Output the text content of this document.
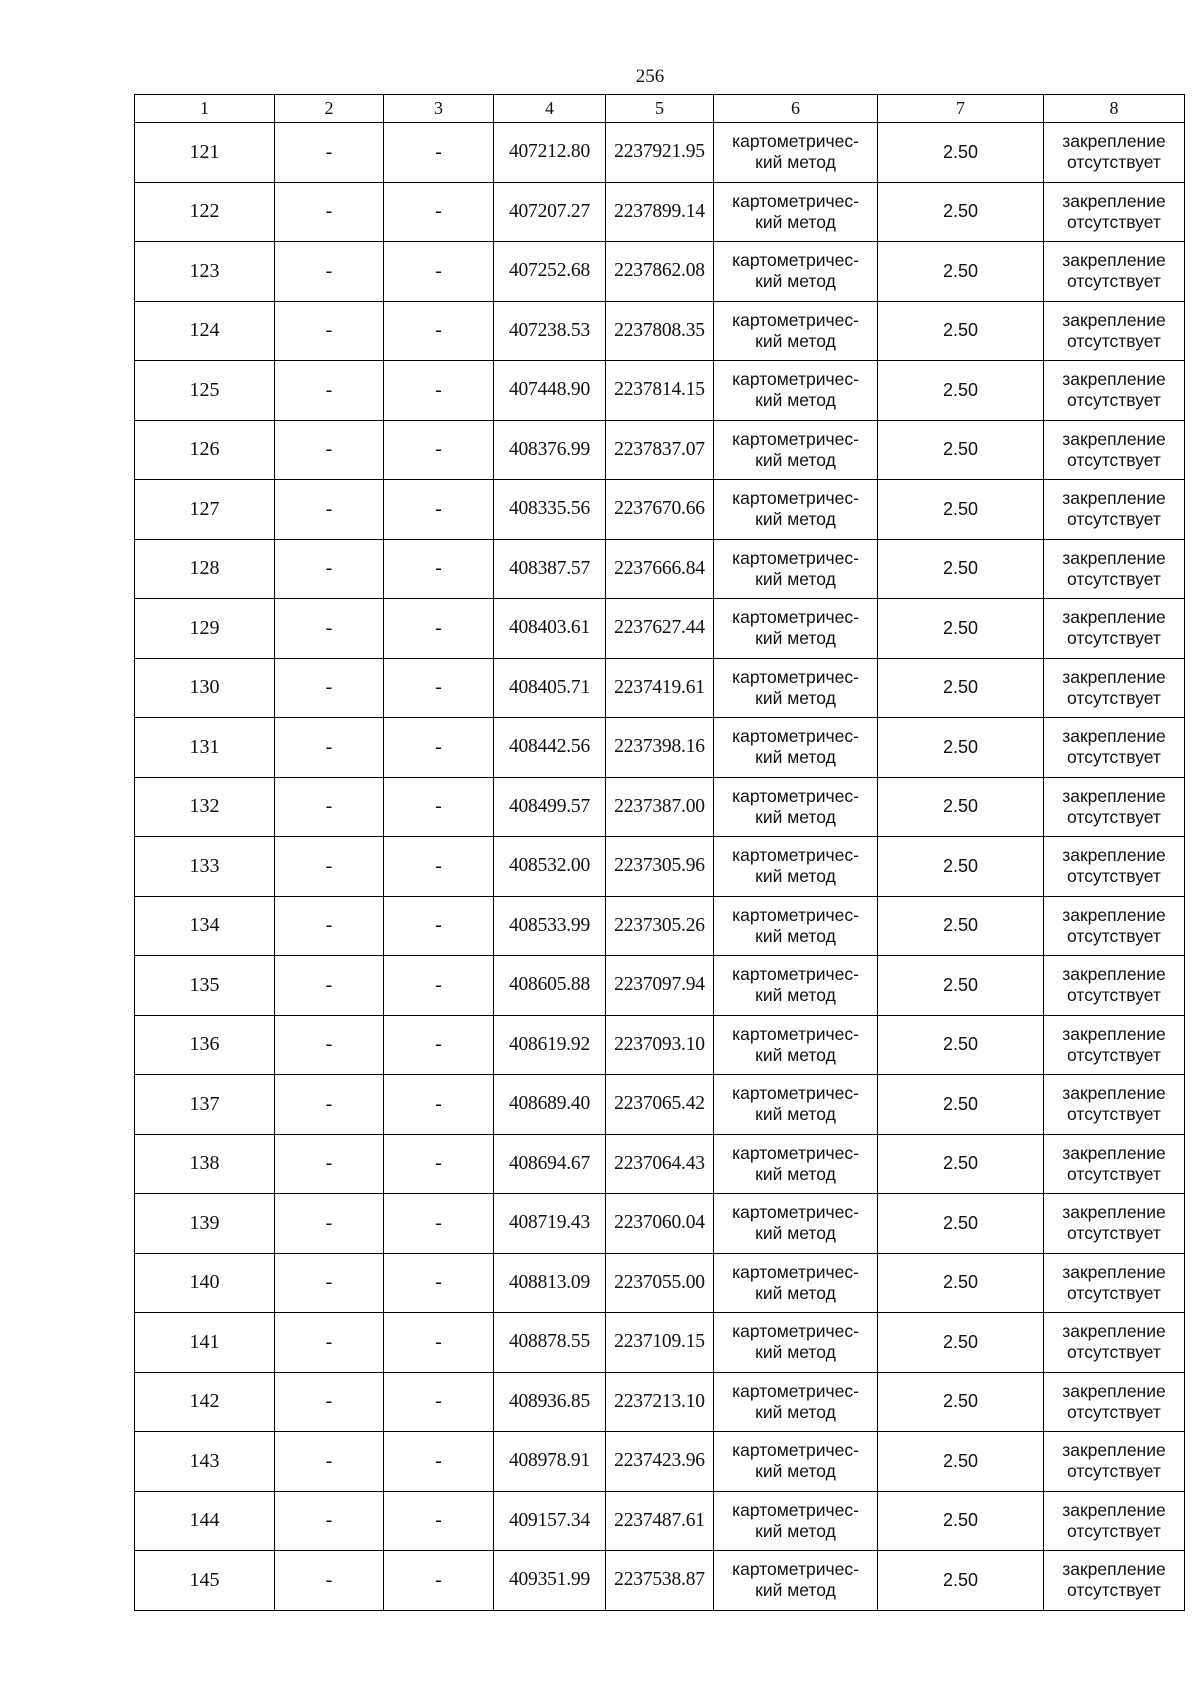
256
1	2	3	4	5	6	7	8
121	-	-	407212.80	2237921.95	картометричес-
кий метод	2.50	закрепление
отсутствует

122	-	-	407207.27	2237899.14	картометричес-
кий метод	2.50	закрепление
отсутствует

123	-	-	407252.68	2237862.08	картометричес-
кий метод	2.50	закрепление
отсутствует

124	-	-	407238.53	2237808.35	картометричес-
кий метод	2.50	закрепление
отсутствует

125	-	-	407448.90	2237814.15	картометричес-
кий метод	2.50	закрепление
отсутствует

126	-	-	408376.99	2237837.07	картометричес-
кий метод	2.50	закрепление
отсутствует

127	-	-	408335.56	2237670.66	картометричес-
кий метод	2.50	закрепление
отсутствует

128	-	-	408387.57	2237666.84	картометричес-
кий метод	2.50	закрепление
отсутствует

129	-	-	408403.61	2237627.44	картометричес-
кий метод	2.50	закрепление
отсутствует

130	-	-	408405.71	2237419.61	картометричес-
кий метод	2.50	закрепление
отсутствует

131	-	-	408442.56	2237398.16	картометричес-
кий метод	2.50	закрепление
отсутствует

132	-	-	408499.57	2237387.00	картометричес-
кий метод	2.50	закрепление
отсутствует

133	-	-	408532.00	2237305.96	картометричес-
кий метод	2.50	закрепление
отсутствует

134	-	-	408533.99	2237305.26	картометричес-
кий метод	2.50	закрепление
отсутствует

135	-	-	408605.88	2237097.94	картометричес-
кий метод	2.50	закрепление
отсутствует

136	-	-	408619.92	2237093.10	картометричес-
кий метод	2.50	закрепление
отсутствует

137	-	-	408689.40	2237065.42	картометричес-
кий метод	2.50	закрепление
отсутствует

138	-	-	408694.67	2237064.43	картометричес-
кий метод	2.50	закрепление
отсутствует

139	-	-	408719.43	2237060.04	картометричес-
кий метод	2.50	закрепление
отсутствует

140	-	-	408813.09	2237055.00	картометричес-
кий метод	2.50	закрепление
отсутствует

141	-	-	408878.55	2237109.15	картометричес-
кий метод	2.50	закрепление
отсутствует

142	-	-	408936.85	2237213.10	картометричес-
кий метод	2.50	закрепление
отсутствует

143	-	-	408978.91	2237423.96	картометричес-
кий метод	2.50	закрепление
отсутствует

144	-	-	409157.34	2237487.61	картометричес-
кий метод	2.50	закрепление
отсутствует

145	-	-	409351.99	2237538.87	картометричес-
кий метод	2.50	закрепление
отсутствует
